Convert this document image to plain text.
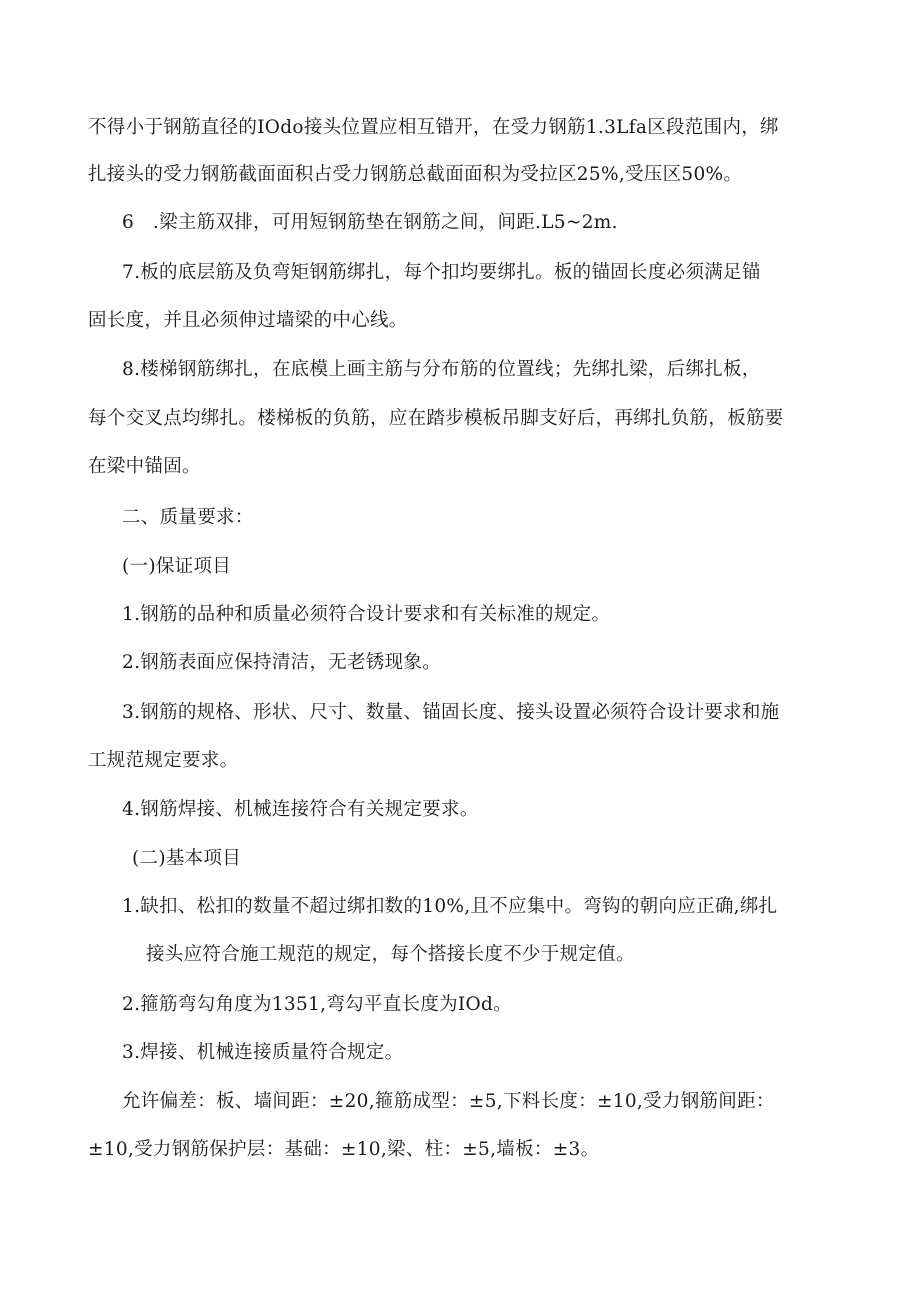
不得小于钢筋直径的IOdo接头位置应相互错开，在受力钢筋1.3Lfa区段范围内，绑
扎接头的受力钢筋截面面积占受力钢筋总截面面积为受拉区25%,受压区50%。
6　.梁主筋双排，可用短钢筋垫在钢筋之间，间距.L5~2m.
7.板的底层筋及负弯矩钢筋绑扎，每个扣均要绑扎。板的锚固长度必须满足锚
固长度，并且必须伸过墙梁的中心线。
8.楼梯钢筋绑扎，在底模上画主筋与分布筋的位置线；先绑扎梁，后绑扎板，
每个交叉点均绑扎。楼梯板的负筋，应在踏步模板吊脚支好后，再绑扎负筋，板筋要
在梁中锚固。
二、质量要求：
(一)保证项目
1.钢筋的品种和质量必须符合设计要求和有关标准的规定。
2.钢筋表面应保持清洁，无老锈现象。
3.钢筋的规格、形状、尺寸、数量、锚固长度、接头设置必须符合设计要求和施
工规范规定要求。
4.钢筋焊接、机械连接符合有关规定要求。
(二)基本项目
1.缺扣、松扣的数量不超过绑扣数的10%,且不应集中。弯钩的朝向应正确,绑扎
接头应符合施工规范的规定，每个搭接长度不少于规定值。
2.箍筋弯勾角度为1351,弯勾平直长度为IOd。
3.焊接、机械连接质量符合规定。
允许偏差：板、墙间距：±20,箍筋成型：±5,下料长度：±10,受力钢筋间距：
±10,受力钢筋保护层：基础：±10,梁、柱：±5,墙板：±3。
